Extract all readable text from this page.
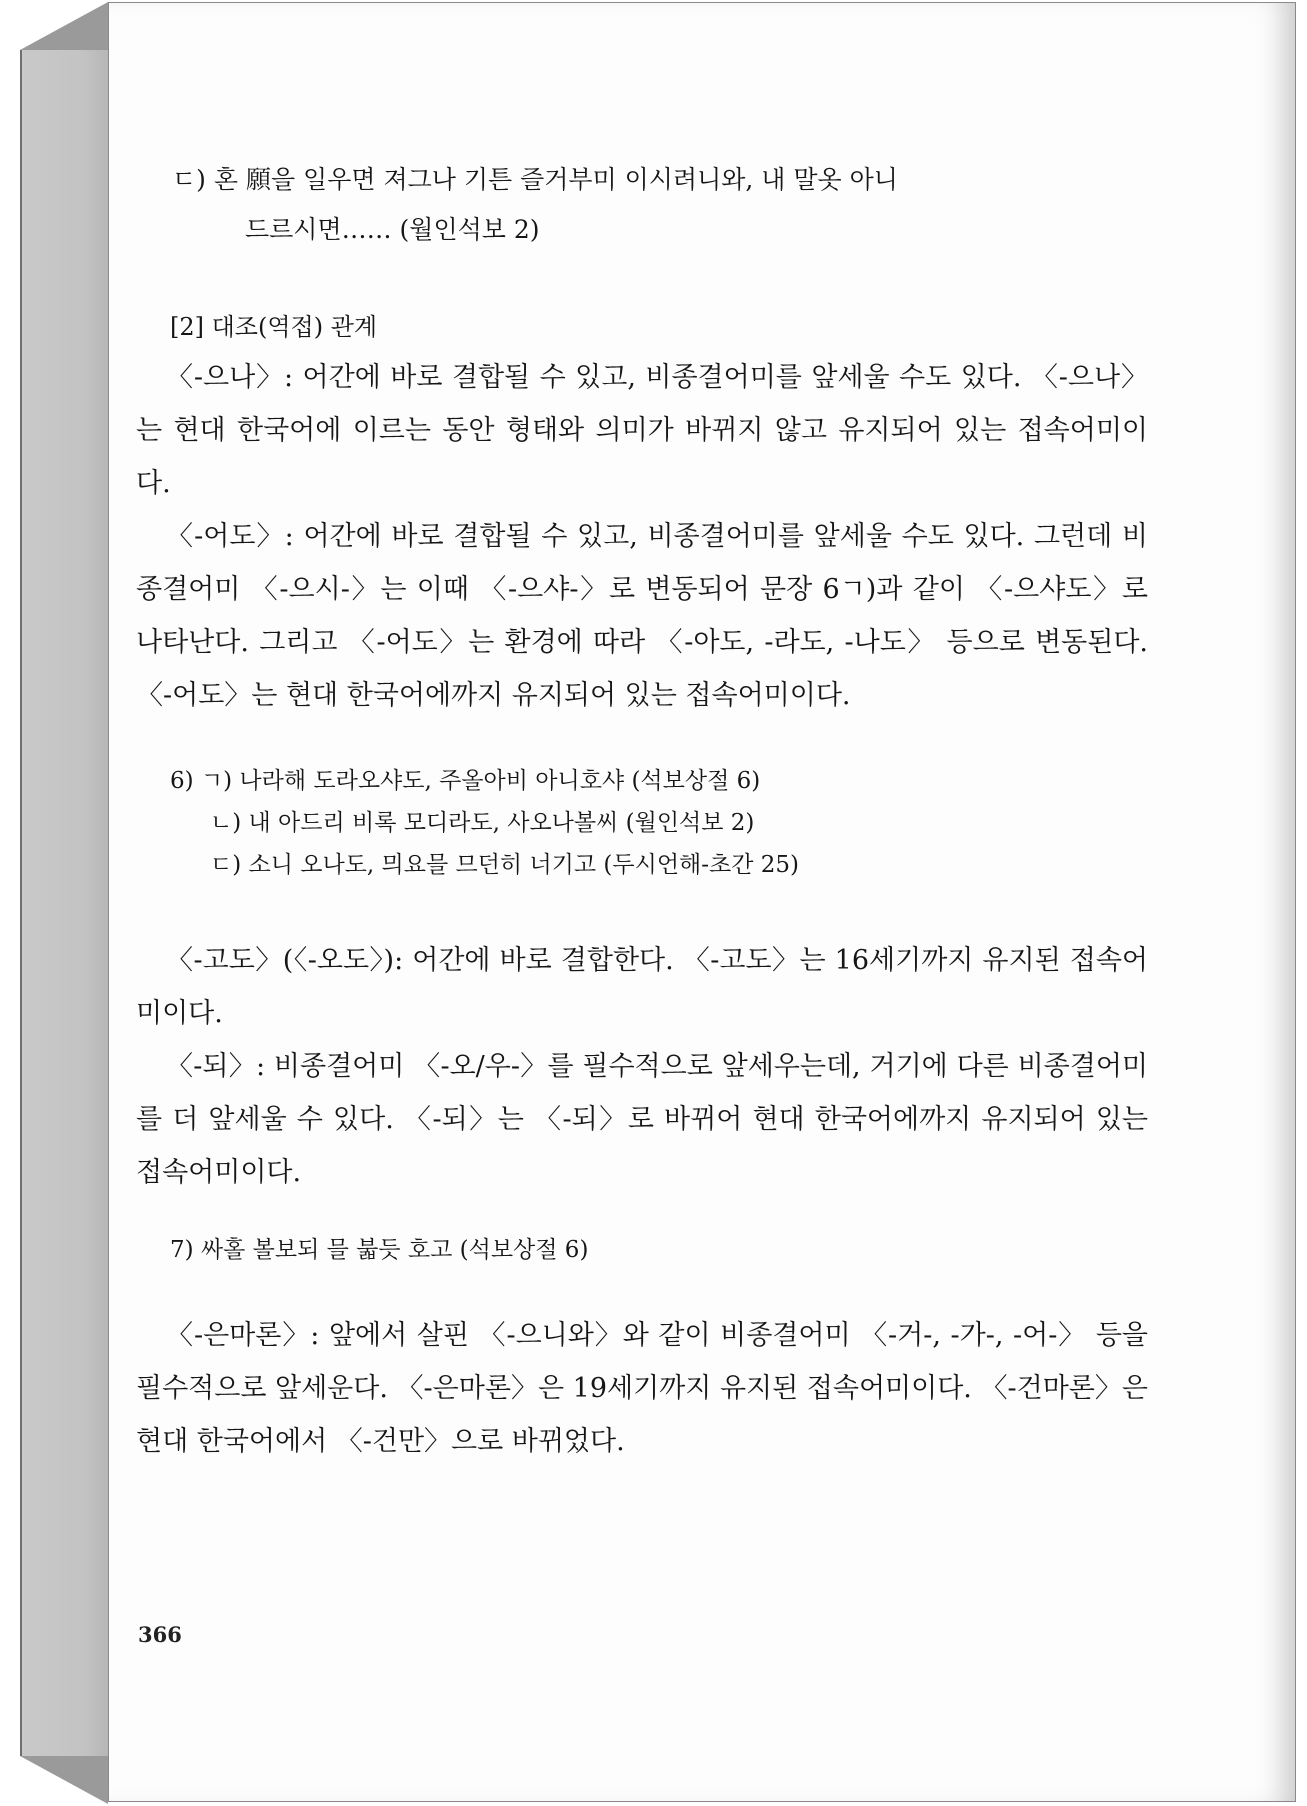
ㄷ) 혼 願을 일우면 져그나 기튼 즐거부미 이시려니와, 내 말옷 아니
드르시면…… (월인석보 2)

[2] 대조(역접) 관계

〈-으나〉: 어간에 바로 결합될 수 있고, 비종결어미를 앞세울 수도 있다. 〈-으나〉는 현대 한국어에 이르는 동안 형태와 의미가 바뀌지 않고 유지되어 있는 접속어미이다.

〈-어도〉: 어간에 바로 결합될 수 있고, 비종결어미를 앞세울 수도 있다. 그런데 비종결어미 〈-으시-〉는 이때 〈-으샤-〉로 변동되어 문장 6ㄱ)과 같이 〈-으샤도〉로 나타난다. 그리고 〈-어도〉는 환경에 따라 〈-아도, -라도, -나도〉 등으로 변동된다. 〈-어도〉는 현대 한국어에까지 유지되어 있는 접속어미이다.

6) ㄱ) 나라해 도라오샤도, 주올아비 아니호샤 (석보상절 6)
ㄴ) 내 아드리 비록 모디라도, 사오나볼씨 (월인석보 2)
ㄷ) 소니 오나도, 믜요믈 므던히 너기고 (두시언해-초간 25)

〈-고도〉(〈-오도〉): 어간에 바로 결합한다. 〈-고도〉는 16세기까지 유지된 접속어미이다.

〈-되〉: 비종결어미 〈-오/우-〉를 필수적으로 앞세우는데, 거기에 다른 비종결어미를 더 앞세울 수 있다. 〈-되〉는 〈-되〉로 바뀌어 현대 한국어에까지 유지되어 있는 접속어미이다.

7) 싸홀 볼보되 믈 붋듯 호고 (석보상절 6)

〈-은마론〉: 앞에서 살핀 〈-으니와〉와 같이 비종결어미 〈-거-, -가-, -어-〉 등을 필수적으로 앞세운다. 〈-은마론〉은 19세기까지 유지된 접속어미이다. 〈-건마론〉은 현대 한국어에서 〈-건만〉으로 바뀌었다.

366
